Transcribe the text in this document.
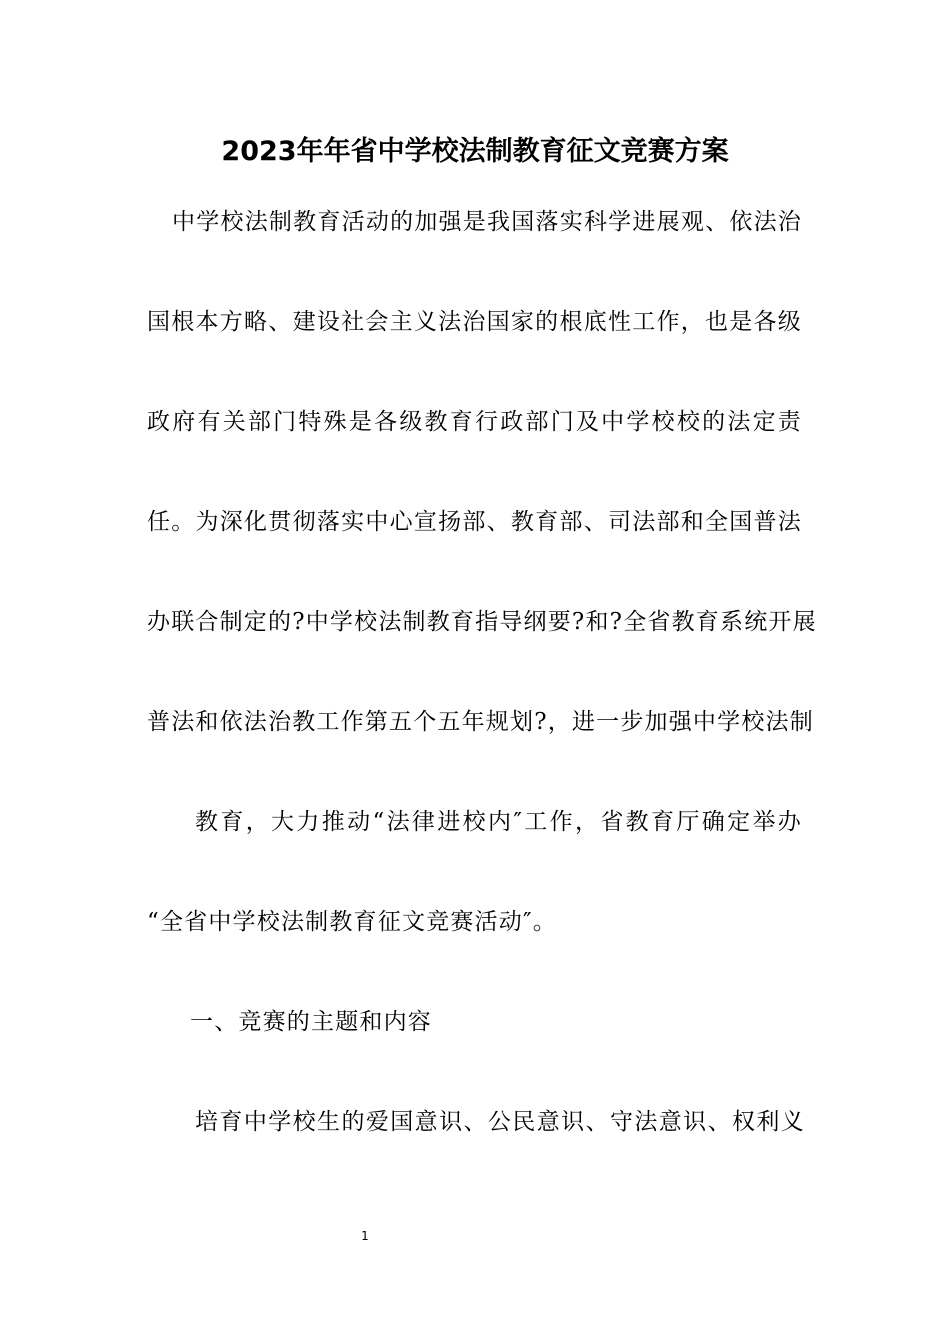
2023年年省中学校法制教育征文竞赛方案
中学校法制教育活动的加强是我国落实科学进展观、依法治
国根本方略、建设社会主义法治国家的根底性工作，也是各级
政府有关部门特殊是各级教育行政部门及中学校校的法定责
任。为深化贯彻落实中心宣扬部、教育部、司法部和全国普法
办联合制定的?中学校法制教育指导纲要?和?全省教育系统开展
普法和依法治教工作第五个五年规划?，进一步加强中学校法制
教育，大力推动“法律进校内″工作，省教育厅确定举办
“全省中学校法制教育征文竞赛活动″。
一、竞赛的主题和内容
培育中学校生的爱国意识、公民意识、守法意识、权利义
1
